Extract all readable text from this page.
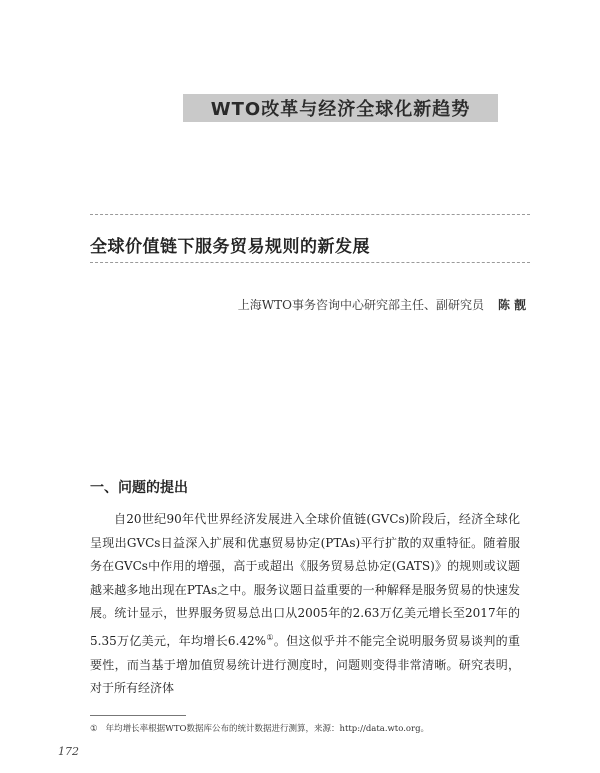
WTO改革与经济全球化新趋势
全球价值链下服务贸易规则的新发展
上海WTO事务咨询中心研究部主任、副研究员 陈靓
一、问题的提出

自20世纪90年代世界经济发展进入全球价值链(GVCs)阶段后，经济全球化呈现出GVCs日益深入扩展和优惠贸易协定(PTAs)平行扩散的双重特征。随着服务在GVCs中作用的增强，高于或超出《服务贸易总协定(GATS)》的规则或议题越来越多地出现在PTAs之中。服务议题日益重要的一种解释是服务贸易的快速发展。统计显示，世界服务贸易总出口从2005年的2.63万亿美元增长至2017年的5.35万亿美元，年均增长6.42%①。但这似乎并不能完全说明服务贸易谈判的重要性，而当基于增加值贸易统计进行测度时，问题则变得非常清晰。研究表明，对于所有经济体

① 年均增长率根据WTO数据库公布的统计数据进行测算，来源：http://data.wto.org。
172
